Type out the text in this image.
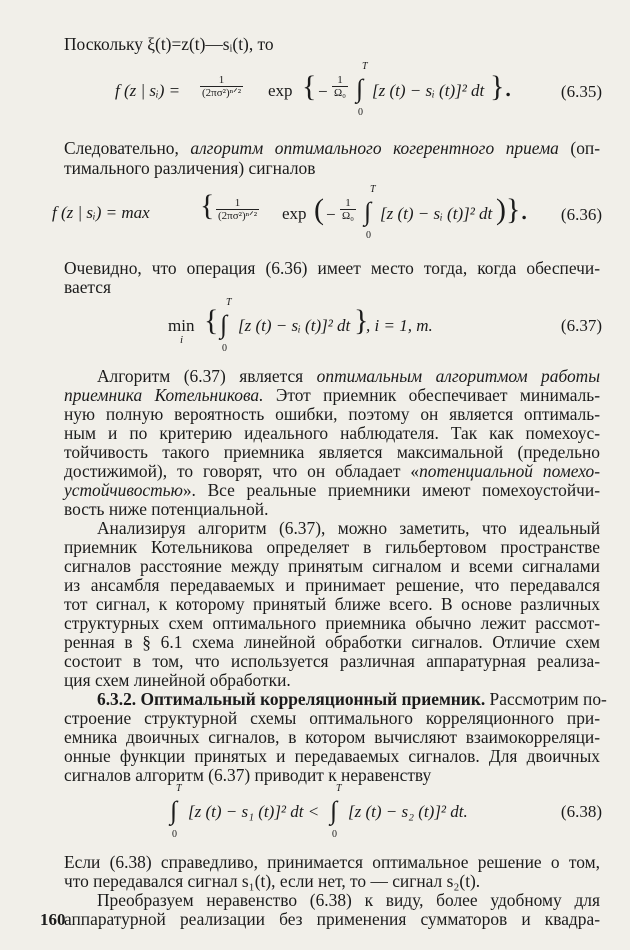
Поскольку ξ(t)=z(t)—sᵢ(t), то
f (z | sᵢ) =
1
(2πσ²)ⁿᐟ² exp { − $\frac{1}{\text{Ω₀}}$ ∫
T
0
[z (t) − sᵢ (t)]² dt }.	(6.35)
Следовательно, алгоритм оптимального когерентного приема (оп-
тимального различения) сигналов
f (z | sᵢ) = max {	1
(2πσ²)ⁿᐟ² exp ( − $\frac{1}{\text{Ω₀}}$ ∫
T
0
[z (t) − sᵢ (t)]² dt )}. (6.36)
Очевидно, что операция (6.36) имеет место тогда, когда обеспечи-
вается
min
i
{ ∫
T
0
[z (t) − sᵢ (t)]² dt }
, i = 1, m.	(6.37)
Алгоритм (6.37) является оптимальным алгоритмом работы
приемника Котельникова. Этот приемник обеспечивает минималь-
ную полную вероятность ошибки, поэтому он является оптималь-
ным и по критерию идеального наблюдателя. Так как помехоус-
тойчивость такого приемника является максимальной (предельно
достижимой), то говорят, что он обладает «потенциальной помехо-
устойчивостью». Все реальные приемники имеют помехоустойчи-
вость ниже потенциальной.
Анализируя алгоритм (6.37), можно заметить, что идеальный
приемник Котельникова определяет в гильбертовом пространстве
сигналов расстояние между принятым сигналом и всеми сигналами
из ансамбля передаваемых и принимает решение, что передавался
тот сигнал, к которому принятый ближе всего. В основе различных
структурных схем оптимального приемника обычно лежит рассмот-
ренная в § 6.1 схема линейной обработки сигналов. Отличие схем
состоит в том, что используется различная аппаратурная реализа-
ция схем линейной обработки.
6.3.2. Оптимальный корреляционный приемник. Рассмотрим по-
строение структурной схемы оптимального корреляционного при-
емника двоичных сигналов, в котором вычисляют взаимокорреляци-
онные функции принятых и передаваемых сигналов. Для двоичных
сигналов алгоритм (6.37) приводит к неравенству
∫
T
0
[z (t) − s₁ (t)]² dt < ∫
T
0
[z (t) − s₂ (t)]² dt.	(6.38)
Если (6.38) справедливо, принимается оптимальное решение о том,
что передавался сигнал s₁(t), если нет, то — сигнал s₂(t).
Преобразуем неравенство (6.38) к виду, более удобному для
аппаратурной реализации без применения сумматоров и квадра-
160
